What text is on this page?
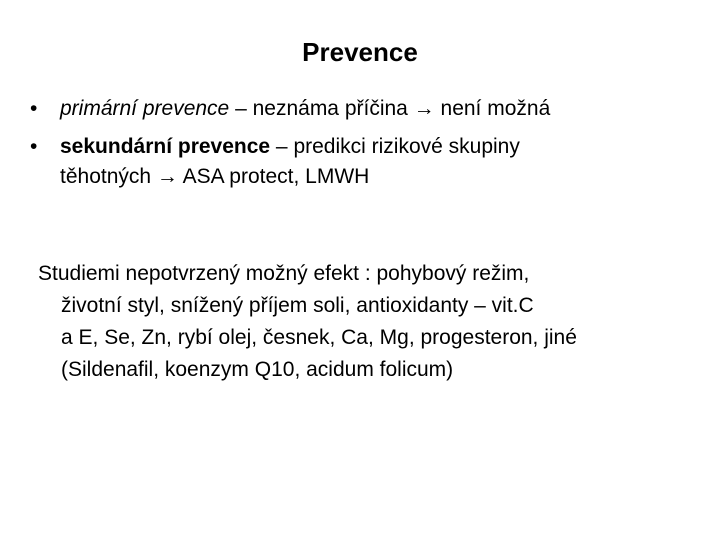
Prevence
• primární prevence – neznáma příčina → není možná
• sekundární prevence – predikci rizikové skupiny
těhotných → ASA protect, LMWH
Studiemi nepotvrzený možný efekt : pohybový režim,
životní styl, snížený příjem soli, antioxidanty – vit.C
a E, Se, Zn, rybí olej, česnek, Ca, Mg, progesteron, jiné
(Sildenafil, koenzym Q10, acidum folicum)
